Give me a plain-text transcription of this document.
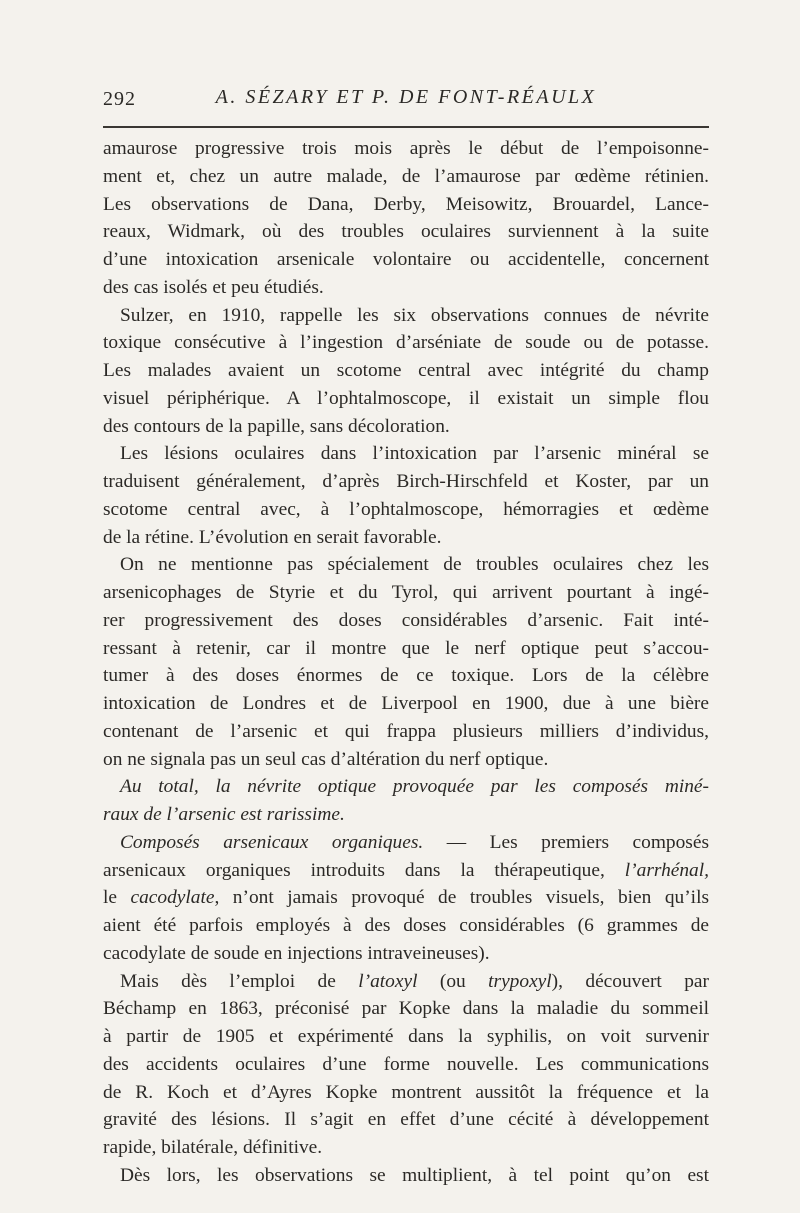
292	A. SÉZARY ET P. DE FONT-RÉAULX
amaurose progressive trois mois après le début de l’empoisonne-
ment et, chez un autre malade, de l’amaurose par œdème rétinien.
Les observations de Dana, Derby, Meisowitz, Brouardel, Lance-
reaux, Widmark, où des troubles oculaires surviennent à la suite
d’une intoxication arsenicale volontaire ou accidentelle, concernent
des cas isolés et peu étudiés.
Sulzer, en 1910, rappelle les six observations connues de névrite
toxique consécutive à l’ingestion d’arséniate de soude ou de potasse.
Les malades avaient un scotome central avec intégrité du champ
visuel périphérique. A l’ophtalmoscope, il existait un simple flou
des contours de la papille, sans décoloration.
Les lésions oculaires dans l’intoxication par l’arsenic minéral se
traduisent généralement, d’après Birch-Hirschfeld et Koster, par un
scotome central avec, à l’ophtalmoscope, hémorragies et œdème
de la rétine. L’évolution en serait favorable.
On ne mentionne pas spécialement de troubles oculaires chez les
arsenicophages de Styrie et du Tyrol, qui arrivent pourtant à ingé-
rer progressivement des doses considérables d’arsenic. Fait inté-
ressant à retenir, car il montre que le nerf optique peut s’accou-
tumer à des doses énormes de ce toxique. Lors de la célèbre
intoxication de Londres et de Liverpool en 1900, due à une bière
contenant de l’arsenic et qui frappa plusieurs milliers d’individus,
on ne signala pas un seul cas d’altération du nerf optique.
Au total, la névrite optique provoquée par les composés miné-
raux de l’arsenic est rarissime.
Composés arsenicaux organiques. — Les premiers composés
arsenicaux organiques introduits dans la thérapeutique, l’arrhénal,
le cacodylate, n’ont jamais provoqué de troubles visuels, bien qu’ils
aient été parfois employés à des doses considérables (6 grammes de
cacodylate de soude en injections intraveineuses).
Mais dès l’emploi de l’atoxyl (ou trypoxyl), découvert par
Béchamp en 1863, préconisé par Kopke dans la maladie du sommeil
à partir de 1905 et expérimenté dans la syphilis, on voit survenir
des accidents oculaires d’une forme nouvelle. Les communications
de R. Koch et d’Ayres Kopke montrent aussitôt la fréquence et la
gravité des lésions. Il s’agit en effet d’une cécité à développement
rapide, bilatérale, définitive.
Dès lors, les observations se multiplient, à tel point qu’on est
